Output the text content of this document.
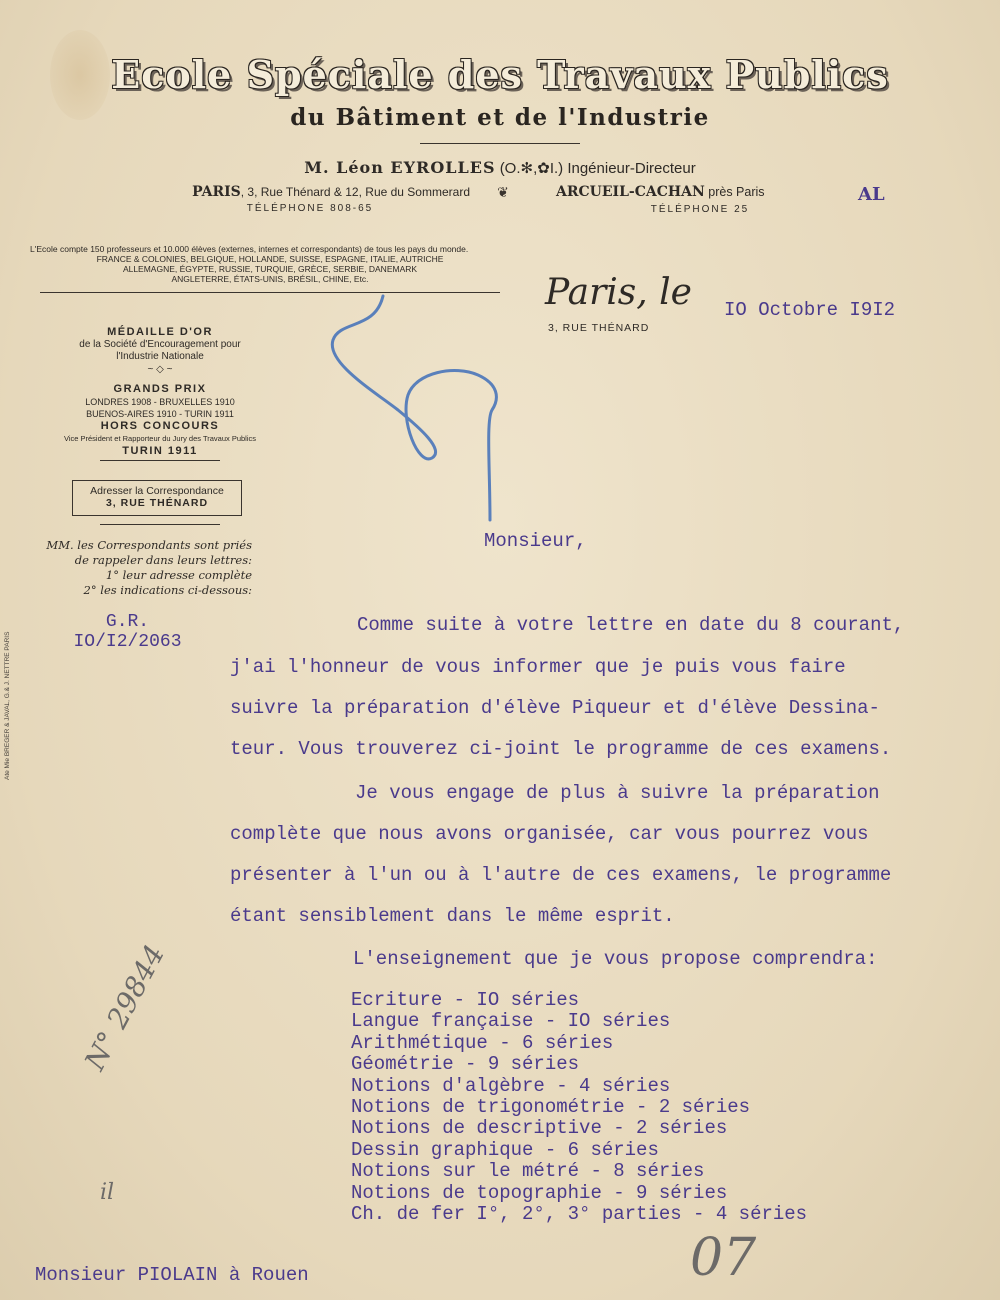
Ecole Spéciale des Travaux Publics
du Bâtiment et de l'Industrie
M. Léon EYROLLES (O.✻,✿I.) Ingénieur-Directeur
PARIS, 3, Rue Thénard & 12, Rue du Sommerard
TÉLÉPHONE 808-65
❦	ARCUEIL-CACHAN près Paris
TÉLÉPHONE 25
AL
L'Ecole compte 150 professeurs et 10.000 élèves (externes, internes et correspondants) de tous les pays du monde.
FRANCE & COLONIES, BELGIQUE, HOLLANDE, SUISSE, ESPAGNE, ITALIE, AUTRICHE
ALLEMAGNE, ÉGYPTE, RUSSIE, TURQUIE, GRÈCE, SERBIE, DANEMARK
ANGLETERRE, ÉTATS-UNIS, BRÉSIL, CHINE, Etc.
MÉDAILLE D'OR
de la Société d'Encouragement pour
l'Industrie Nationale
~ ◇ ~
GRANDS PRIX
LONDRES 1908 - BRUXELLES 1910
BUENOS-AIRES 1910 - TURIN 1911
HORS CONCOURS
Vice Président et Rapporteur du Jury des Travaux Publics
TURIN 1911
Adresser la Correspondance
3, RUE THÉNARD
MM. les Correspondants sont priés
de rappeler dans leurs lettres:
1° leur adresse complète
2° les indications ci-dessous:
G.R.
IO/I2/2063
Paris, le
3, RUE THÉNARD
IO Octobre I9I2
Monsieur,
Comme suite à votre lettre en date du 8 courant,
j'ai l'honneur de vous informer que je puis vous faire
suivre la préparation d'élève Piqueur et d'élève Dessina-
teur. Vous trouverez ci-joint le programme de ces examens.
Je vous engage de plus à suivre la préparation
complète que nous avons organisée, car vous pourrez vous
présenter à l'un ou à l'autre de ces examens, le programme
étant sensiblement dans le même esprit.
L'enseignement que je vous propose comprendra:
Ecriture - IO séries
Langue française - IO séries
Arithmétique - 6 séries
Géométrie - 9 séries
Notions d'algèbre - 4 séries
Notions de trigonométrie - 2 séries
Notions de descriptive - 2 séries
Dessin graphique - 6 séries
Notions sur le métré - 8 séries
Notions de topographie - 9 séries
Ch. de fer I°, 2°, 3° parties - 4 séries
Monsieur PIOLAIN à Rouen
N° 29844
il
07
Ate Mie BREGER & JAVAL, G.& J. NETTRE PARIS
